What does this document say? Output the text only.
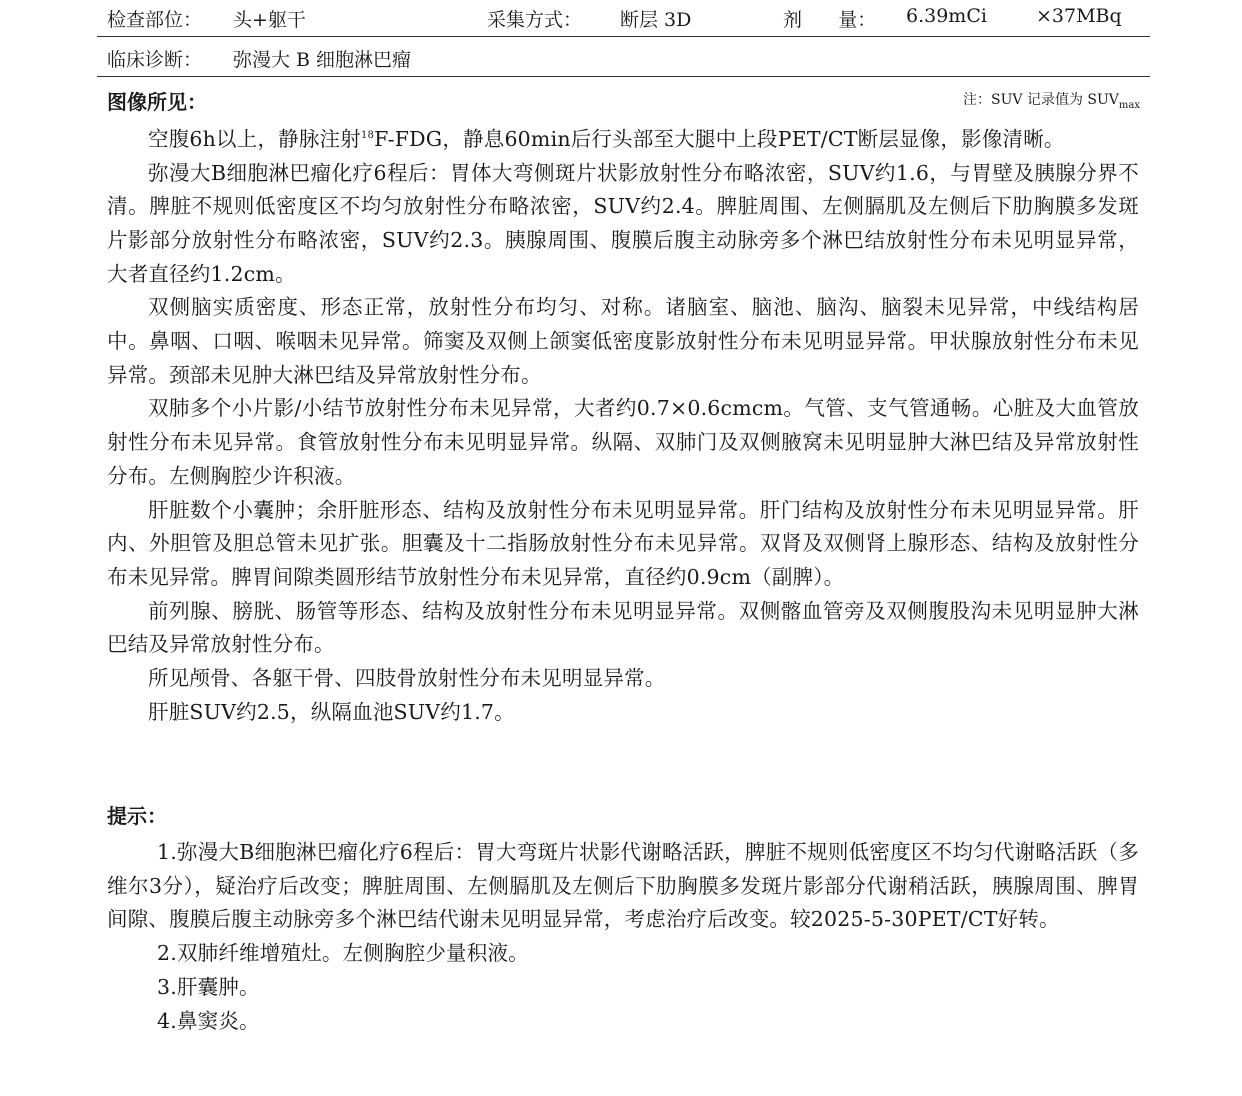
检查部位： 头+躯干	采集方式： 断层 3D	剂      量： 6.39mCi	×37MBq
临床诊断： 弥漫大 B 细胞淋巴瘤
图像所见：	注：SUV 记录值为 $SUV_{max}$

空腹6h以上，静脉注射$^{18}$F-FDG，静息60min后行头部至大腿中上段PET/CT断层显像，影像清晰。

弥漫大B细胞淋巴瘤化疗6程后：胃体大弯侧斑片状影放射性分布略浓密，SUV约1.6，与胃壁及胰腺分界不清。脾脏不规则低密度区不均匀放射性分布略浓密，SUV约2.4。脾脏周围、左侧膈肌及左侧后下肋胸膜多发斑片影部分放射性分布略浓密，SUV约2.3。胰腺周围、腹膜后腹主动脉旁多个淋巴结放射性分布未见明显异常，大者直径约1.2cm。

双侧脑实质密度、形态正常，放射性分布均匀、对称。诸脑室、脑池、脑沟、脑裂未见异常，中线结构居中。鼻咽、口咽、喉咽未见异常。筛窦及双侧上颌窦低密度影放射性分布未见明显异常。甲状腺放射性分布未见异常。颈部未见肿大淋巴结及异常放射性分布。

双肺多个小片影/小结节放射性分布未见异常，大者约0.7×0.6cmcm。气管、支气管通畅。心脏及大血管放射性分布未见异常。食管放射性分布未见明显异常。纵隔、双肺门及双侧腋窝未见明显肿大淋巴结及异常放射性分布。左侧胸腔少许积液。

肝脏数个小囊肿；余肝脏形态、结构及放射性分布未见明显异常。肝门结构及放射性分布未见明显异常。肝内、外胆管及胆总管未见扩张。胆囊及十二指肠放射性分布未见异常。双肾及双侧肾上腺形态、结构及放射性分布未见异常。脾胃间隙类圆形结节放射性分布未见异常，直径约0.9cm（副脾）。

前列腺、膀胱、肠管等形态、结构及放射性分布未见明显异常。双侧髂血管旁及双侧腹股沟未见明显肿大淋巴结及异常放射性分布。

所见颅骨、各躯干骨、四肢骨放射性分布未见明显异常。

肝脏SUV约2.5，纵隔血池SUV约1.7。

提示：

1.弥漫大B细胞淋巴瘤化疗6程后：胃大弯斑片状影代谢略活跃，脾脏不规则低密度区不均匀代谢略活跃（多维尔3分），疑治疗后改变；脾脏周围、左侧膈肌及左侧后下肋胸膜多发斑片影部分代谢稍活跃，胰腺周围、脾胃间隙、腹膜后腹主动脉旁多个淋巴结代谢未见明显异常，考虑治疗后改变。较2025-5-30PET/CT好转。

2.双肺纤维增殖灶。左侧胸腔少量积液。

3.肝囊肿。

4.鼻窦炎。
